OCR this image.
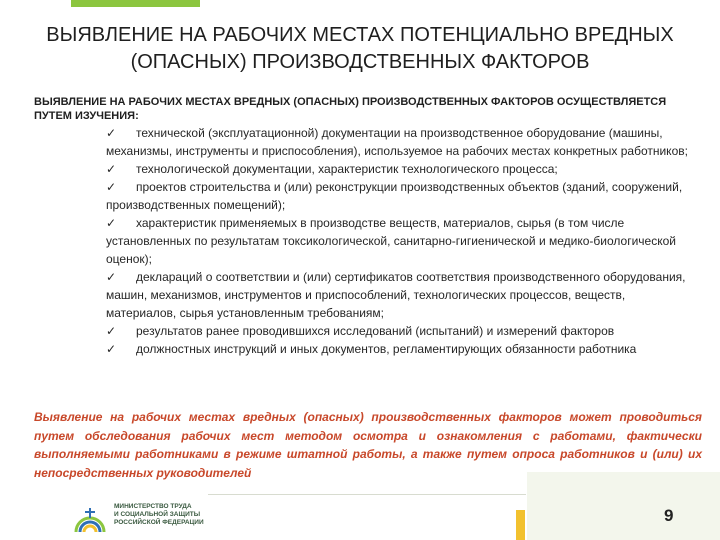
ВЫЯВЛЕНИЕ НА РАБОЧИХ МЕСТАХ ПОТЕНЦИАЛЬНО ВРЕДНЫХ (ОПАСНЫХ) ПРОИЗВОДСТВЕННЫХ ФАКТОРОВ
ВЫЯВЛЕНИЕ НА РАБОЧИХ МЕСТАХ ВРЕДНЫХ (ОПАСНЫХ) ПРОИЗВОДСТВЕННЫХ ФАКТОРОВ ОСУЩЕСТВЛЯЕТСЯ ПУТЕМ ИЗУЧЕНИЯ:
✓ технической (эксплуатационной) документации на производственное оборудование (машины, механизмы, инструменты и приспособления), используемое на рабочих местах конкретных работников;
✓ технологической документации, характеристик технологического процесса;
✓ проектов строительства и (или) реконструкции производственных объектов (зданий, сооружений, производственных помещений);
✓ характеристик применяемых в производстве веществ, материалов, сырья (в том числе установленных по результатам токсикологической, санитарно-гигиенической и медико-биологической оценок);
✓ деклараций о соответствии и (или) сертификатов соответствия производственного оборудования, машин, механизмов, инструментов и приспособлений, технологических процессов, веществ, материалов, сырья установленным требованиям;
✓ результатов ранее проводившихся исследований (испытаний) и измерений факторов
✓ должностных инструкций и иных документов, регламентирующих обязанности работника

Выявление на рабочих местах вредных (опасных) производственных факторов может проводиться путем обследования рабочих мест методом осмотра и ознакомления с работами, фактически выполняемыми работниками в режиме штатной работы, а также путем опроса работников и (или) их непосредственных руководителей

МИНИСТЕРСТВО ТРУДА
И СОЦИАЛЬНОЙ ЗАЩИТЫ
РОССИЙСКОЙ ФЕДЕРАЦИИ	9
